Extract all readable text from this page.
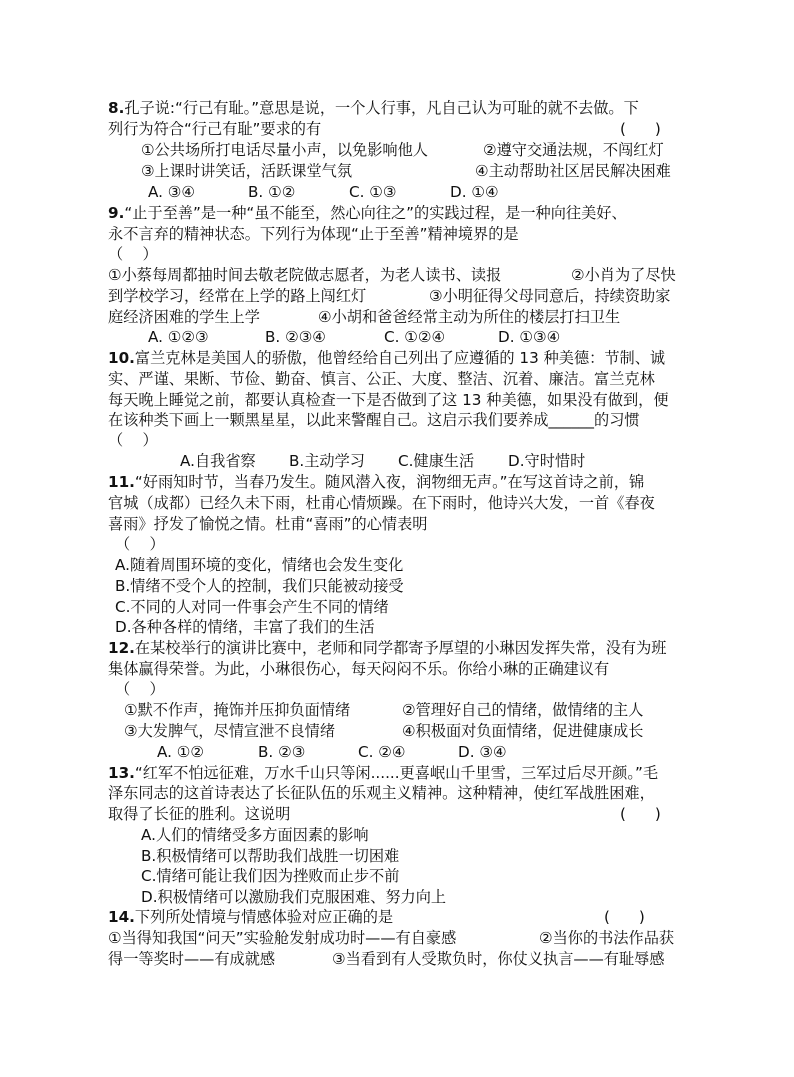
8.孔子说:“行己有耻。”意思是说，一个人行事，凡自己认为可耻的就不去做。下
列行为符合“行己有耻”要求的有	(      )
①公共场所打电话尽量小声，以免影响他人	②遵守交通法规，不闯红灯
③上课时讲笑话，活跃课堂气氛	④主动帮助社区居民解决困难
A. ③④	B. ①②	C. ①③	D. ①④
9.“止于至善”是一种“虽不能至，然心向往之”的实践过程，是一种向往美好、
永不言弃的精神状态。下列行为体现“止于至善”精神境界的是
（    ）
①小蔡每周都抽时间去敬老院做志愿者，为老人读书、读报	②小肖为了尽快
到学校学习，经常在上学的路上闯红灯	③小明征得父母同意后，持续资助家
庭经济困难的学生上学	④小胡和爸爸经常主动为所住的楼层打扫卫生
A. ①②③	B. ②③④	C. ①②④	D. ①③④
10.富兰克林是美国人的骄傲，他曾经给自己列出了应遵循的 13 种美德：节制、诚
实、严谨、果断、节俭、勤奋、慎言、公正、大度、整洁、沉着、廉洁。富兰克林
每天晚上睡觉之前，都要认真检查一下是否做到了这 13 种美德，如果没有做到，便
在该种类下画上一颗黑星星，以此来警醒自己。这启示我们要养成______的习惯
（    ）
A.自我省察 B.主动学习 C.健康生活 D.守时惜时
11.“好雨知时节，当春乃发生。随风潜入夜，润物细无声。”在写这首诗之前，锦
官城（成都）已经久未下雨，杜甫心情烦躁。在下雨时，他诗兴大发，一首《春夜
喜雨》抒发了愉悦之情。杜甫“喜雨”的心情表明
（    ）
A.随着周围环境的变化，情绪也会发生变化
B.情绪不受个人的控制，我们只能被动接受
C.不同的人对同一件事会产生不同的情绪
D.各种各样的情绪，丰富了我们的生活
12.在某校举行的演讲比赛中，老师和同学都寄予厚望的小琳因发挥失常，没有为班
集体赢得荣誉。为此，小琳很伤心，每天闷闷不乐。你给小琳的正确建议有
（    ）
①默不作声，掩饰并压抑负面情绪	②管理好自己的情绪，做情绪的主人
③大发脾气，尽情宣泄不良情绪	④积极面对负面情绪，促进健康成长
A. ①②	B. ②③	C. ②④	D. ③④
13.“红军不怕远征难，万水千山只等闲......更喜岷山千里雪，三军过后尽开颜。”毛
泽东同志的这首诗表达了长征队伍的乐观主义精神。这种精神，使红军战胜困难，
取得了长征的胜利。这说明	(      )
A.人们的情绪受多方面因素的影响
B.积极情绪可以帮助我们战胜一切困难
C.情绪可能让我们因为挫败而止步不前
D.积极情绪可以激励我们克服困难、努力向上
14.下列所处情境与情感体验对应正确的是	(      )
①当得知我国“问天”实验舱发射成功时——有自豪感	②当你的书法作品获
得一等奖时——有成就感	③当看到有人受欺负时，你仗义执言——有耻辱感
